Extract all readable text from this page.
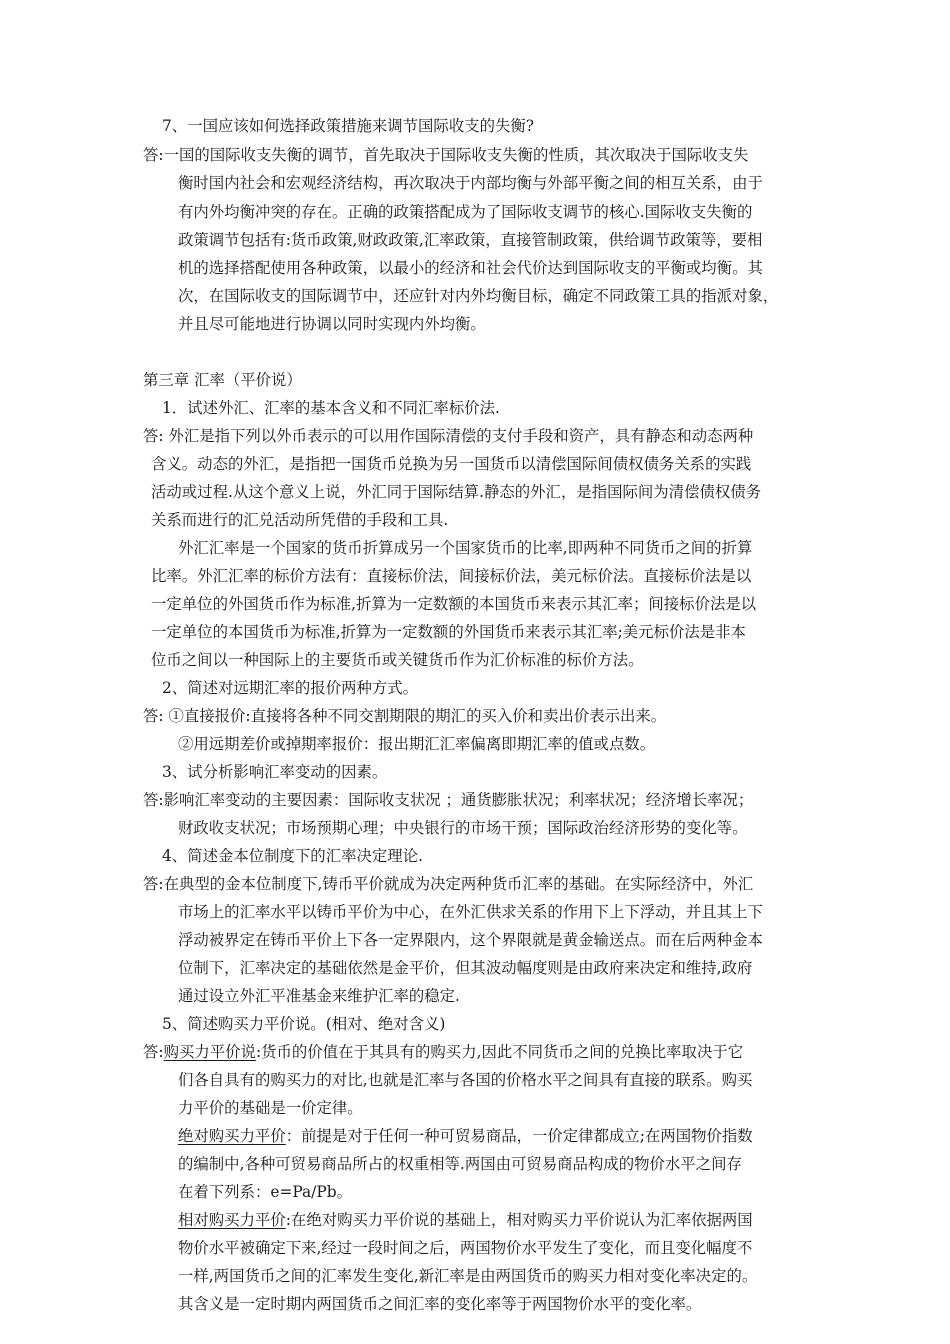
7、一国应该如何选择政策措施来调节国际收支的失衡?
答:一国的国际收支失衡的调节，首先取决于国际收支失衡的性质，其次取决于国际收支失
衡时国内社会和宏观经济结构，再次取决于内部均衡与外部平衡之间的相互关系，由于
有内外均衡冲突的存在。正确的政策搭配成为了国际收支调节的核心.国际收支失衡的
政策调节包括有:货币政策,财政政策,汇率政策，直接管制政策，供给调节政策等，要相
机的选择搭配使用各种政策，以最小的经济和社会代价达到国际收支的平衡或均衡。其
次，在国际收支的国际调节中，还应针对内外均衡目标，确定不同政策工具的指派对象，
并且尽可能地进行协调以同时实现内外均衡。
第三章 汇率（平价说）
1．试述外汇、汇率的基本含义和不同汇率标价法.
答: 外汇是指下列以外币表示的可以用作国际清偿的支付手段和资产，具有静态和动态两种
含义。动态的外汇，是指把一国货币兑换为另一国货币以清偿国际间债权债务关系的实践
活动或过程.从这个意义上说，外汇同于国际结算.静态的外汇，是指国际间为清偿债权债务
关系而进行的汇兑活动所凭借的手段和工具.
外汇汇率是一个国家的货币折算成另一个国家货币的比率,即两种不同货币之间的折算
比率。外汇汇率的标价方法有：直接标价法，间接标价法，美元标价法。直接标价法是以
一定单位的外国货币作为标准,折算为一定数额的本国货币来表示其汇率；间接标价法是以
一定单位的本国货币为标准,折算为一定数额的外国货币来表示其汇率;美元标价法是非本
位币之间以一种国际上的主要货币或关键货币作为汇价标准的标价方法。
2、简述对远期汇率的报价两种方式。
答: ①直接报价:直接将各种不同交割期限的期汇的买入价和卖出价表示出来。
②用远期差价或掉期率报价：报出期汇汇率偏离即期汇率的值或点数。
3、试分析影响汇率变动的因素。
答:影响汇率变动的主要因素：国际收支状况 ；通货膨胀状况；利率状况；经济增长率况；
财政收支状况；市场预期心理；中央银行的市场干预；国际政治经济形势的变化等。
4、简述金本位制度下的汇率决定理论.
答:在典型的金本位制度下,铸币平价就成为决定两种货币汇率的基础。在实际经济中，外汇
市场上的汇率水平以铸币平价为中心，在外汇供求关系的作用下上下浮动，并且其上下
浮动被界定在铸币平价上下各一定界限内，这个界限就是黄金输送点。而在后两种金本
位制下，汇率决定的基础依然是金平价，但其波动幅度则是由政府来决定和维持,政府
通过设立外汇平准基金来维护汇率的稳定.
5、简述购买力平价说。(相对、绝对含义)
答:购买力平价说:货币的价值在于其具有的购买力,因此不同货币之间的兑换比率取决于它
们各自具有的购买力的对比,也就是汇率与各国的价格水平之间具有直接的联系。购买
力平价的基础是一价定律。
绝对购买力平价：前提是对于任何一种可贸易商品，一价定律都成立;在两国物价指数
的编制中,各种可贸易商品所占的权重相等.两国由可贸易商品构成的物价水平之间存
在着下列系：e=Pa/Pb。
相对购买力平价:在绝对购买力平价说的基础上，相对购买力平价说认为汇率依据两国
物价水平被确定下来,经过一段时间之后，两国物价水平发生了变化，而且变化幅度不
一样,两国货币之间的汇率发生变化,新汇率是由两国货币的购买力相对变化率决定的。
其含义是一定时期内两国货币之间汇率的变化率等于两国物价水平的变化率。
